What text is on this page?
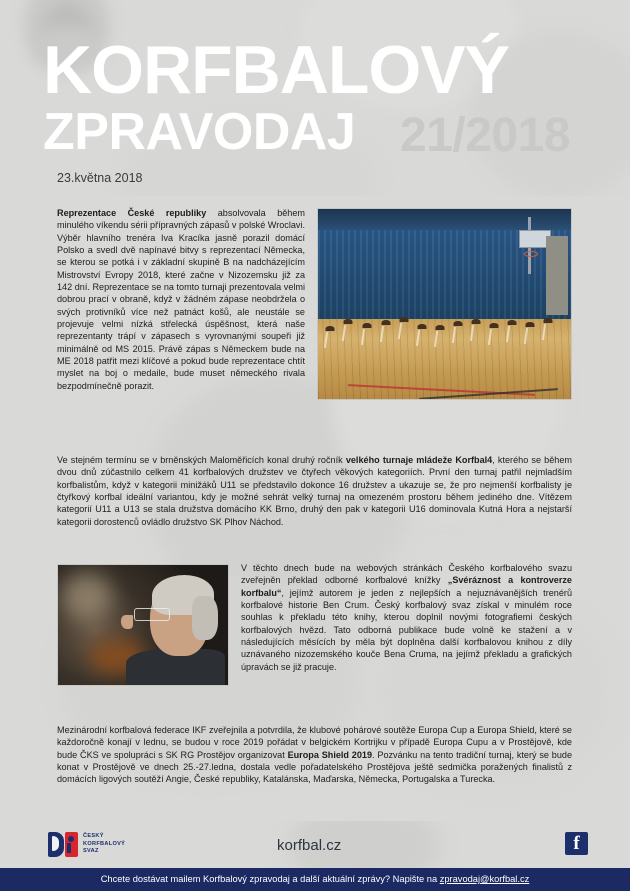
KORFBALOVÝ
ZPRAVODAJ 21/2018
23.května 2018

Reprezentace České republiky absolvovala během minulého víkendu sérii přípravných zápasů v polské Wroclavi. Výběr hlavního trenéra Iva Kracíka jasně porazil domácí Polsko a svedl dvě napínavé bitvy s reprezentací Německa, se kterou se potká i v základní skupině B na nadcházejícím Mistrovství Evropy 2018, které začne v Nizozemsku již za 142 dní. Reprezentace se na tomto turnaji prezentovala velmi dobrou prací v obraně, když v žádném zápase neobdržela o svých protivníků více než patnáct košů, ale neustále se projevuje velmi nízká střelecká úspěšnost, která naše reprezentanty trápí v zápasech s vyrovnanými soupeři již minimálně od MS 2015. Právě zápas s Německem bude na ME 2018 patřit mezi klíčové a pokud bude reprezentace chtít myslet na boj o medaile, bude muset německého rivala bezpodmínečně porazit.

Ve stejném termínu se v brněnských Maloměřicích konal druhý ročník velkého turnaje mládeže Korfbal4, kterého se během dvou dnů zúčastnilo celkem 41 korfbalových družstev ve čtyřech věkových kategoriích. První den turnaj patřil nejmladším korfbalistům, když v kategorii minižáků U11 se představilo dokonce 16 družstev a ukazuje se, že pro nejmenší korfbalisty je čtyřkový korfbal ideální variantou, kdy je možné sehrát velký turnaj na omezeném prostoru během jediného dne. Vítězem kategorií U11 a U13 se stala družstva domácího KK Brno, druhý den pak v kategorii U16 dominovala Kutná Hora a nejstarší kategorii dorostenců ovládlo družstvo SK Plhov Náchod.

V těchto dnech bude na webových stránkách Českého korfbalového svazu zveřejněn překlad odborné korfbalové knížky „Svéráznost a kontroverze korfbalu“, jejímž autorem je jeden z nejlepších a nejuznávanějších trenérů korfbalové historie Ben Crum. Český korfbalový svaz získal v minulém roce souhlas k překladu této knihy, kterou doplnil novými fotografiemi českých korfbalových hvězd. Tato odborná publikace bude volně ke stažení a v následujících měsících by měla být doplněna další korfbalovou knihou z díly uznávaného nizozemského kouče Bena Cruma, na jejímž překladu a grafických úpravách se již pracuje.

Mezinárodní korfbalová federace IKF zveřejnila a potvrdila, že klubové pohárové soutěže Europa Cup a Europa Shield, které se každoročně konají v lednu, se budou v roce 2019 pořádat v belgickém Kortrijku v případě Europa Cupu a v Prostějově, kde bude ČKS ve spolupráci s SK RG Prostějov organizovat Europa Shield 2019. Pozvánku na tento tradiční turnaj, který se bude konat v Prostějově ve dnech 25.-27.ledna, dostala vedle pořadatelského Prostějova ještě sedmička poražených finalistů z domácích ligových soutěží Angie, České republiky, Katalánska, Maďarska, Německa, Portugalska a Turecka.

ČESKÝ
KORFBALOVÝ
SVAZ	korfbal.cz	f
Chcete dostávat mailem Korfbalový zpravodaj a další aktuální zprávy? Napište na zpravodaj@korfbal.cz
